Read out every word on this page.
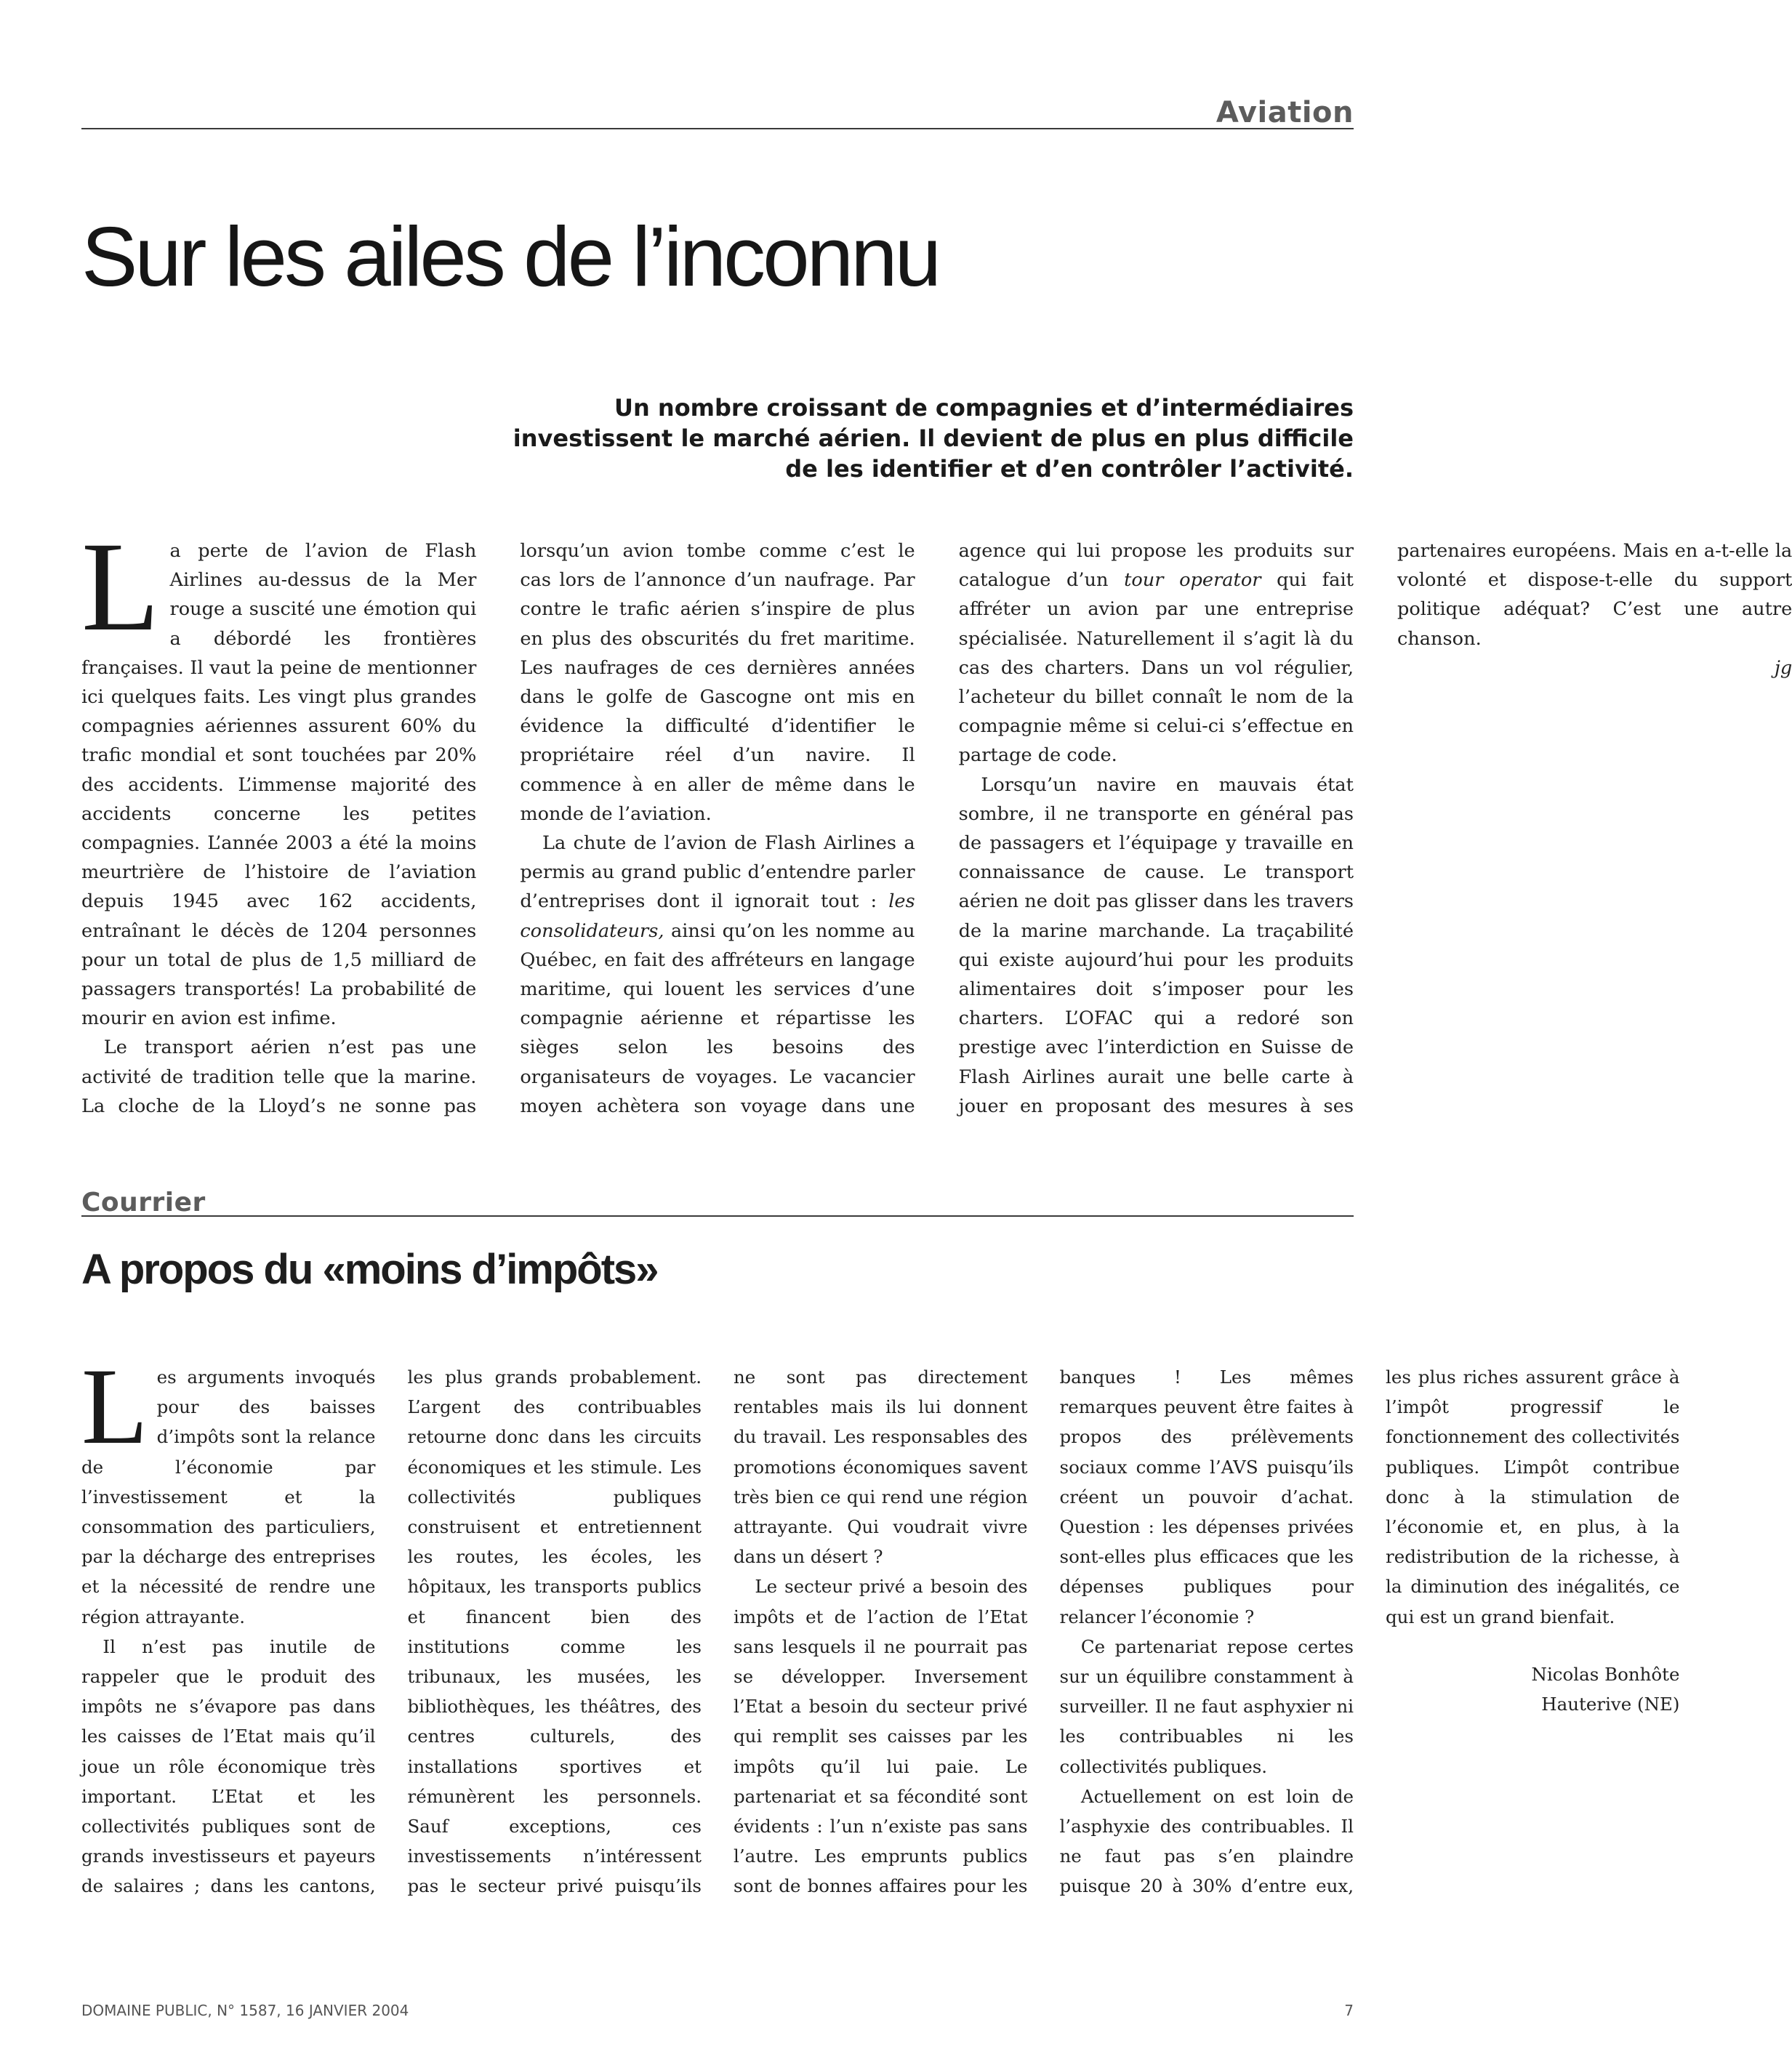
Aviation
Sur les ailes de l’inconnu

Un nombre croissant de compagnies et d’intermédiaires investissent le marché aérien. Il devient de plus en plus difficile de les identifier et d’en contrôler l’activité.

La perte de l’avion de Flash Airlines au-dessus de la Mer rouge a suscité une émotion qui a débordé les frontières françaises. Il vaut la peine de mentionner ici quelques faits. Les vingt plus grandes compagnies aériennes assurent 60% du trafic mondial et sont touchées par 20% des accidents. L’immense majorité des accidents concerne les petites compagnies. L’année 2003 a été la moins meurtrière de l’histoire de l’aviation depuis 1945 avec 162 accidents, entraînant le décès de 1204 personnes pour un total de plus de 1,5 milliard de passagers transportés! La probabilité de mourir en avion est infime.

Le transport aérien n’est pas une activité de tradition telle que la marine. La cloche de la Lloyd’s ne sonne pas lorsqu’un avion tombe comme c’est le cas lors de l’annonce d’un naufrage. Par contre le trafic aérien s’inspire de plus en plus des obscurités du fret maritime. Les naufrages de ces dernières années dans le golfe de Gascogne ont mis en évidence la difficulté d’identifier le propriétaire réel d’un navire. Il commence à en aller de même dans le monde de l’aviation.

La chute de l’avion de Flash Airlines a permis au grand public d’entendre parler d’entreprises dont il ignorait tout : les consolidateurs, ainsi qu’on les nomme au Québec, en fait des affréteurs en langage maritime, qui louent les services d’une compagnie aérienne et répartisse les sièges selon les besoins des organisateurs de voyages. Le vacancier moyen achètera son voyage dans une agence qui lui propose les produits sur catalogue d’un tour operator qui fait affréter un avion par une entreprise spécialisée. Naturellement il s’agit là du cas des charters. Dans un vol régulier, l’acheteur du billet connaît le nom de la compagnie même si celui-ci s’effectue en partage de code.

Lorsqu’un navire en mauvais état sombre, il ne transporte en général pas de passagers et l’équipage y travaille en connaissance de cause. Le transport aérien ne doit pas glisser dans les travers de la marine marchande. La traçabilité qui existe aujourd’hui pour les produits alimentaires doit s’imposer pour les charters. L’OFAC qui a redoré son prestige avec l’interdiction en Suisse de Flash Airlines aurait une belle carte à jouer en proposant des mesures à ses partenaires européens. Mais en a-t-elle la volonté et dispose-t-elle du support politique adéquat? C’est une autre chanson.

jg

Courrier
A propos du «moins d’impôts»

Les arguments invoqués pour des baisses d’impôts sont la relance de l’économie par l’investissement et la consommation des particuliers, par la décharge des entreprises et la nécessité de rendre une région attrayante.

Il n’est pas inutile de rappeler que le produit des impôts ne s’évapore pas dans les caisses de l’Etat mais qu’il joue un rôle économique très important. L’Etat et les collectivités publiques sont de grands investisseurs et payeurs de salaires ; dans les cantons, les plus grands probablement. L’argent des contribuables retourne donc dans les circuits économiques et les stimule. Les collectivités publiques construisent et entretiennent les routes, les écoles, les hôpitaux, les transports publics et financent bien des institutions comme les tribunaux, les musées, les bibliothèques, les théâtres, des centres culturels, des installations sportives et rémunèrent les personnels. Sauf exceptions, ces investissements n’intéressent pas le secteur privé puisqu’ils ne sont pas directement rentables mais ils lui donnent du travail. Les responsables des promotions économiques savent très bien ce qui rend une région attrayante. Qui voudrait vivre dans un désert ?

Le secteur privé a besoin des impôts et de l’action de l’Etat sans lesquels il ne pourrait pas se développer. Inversement l’Etat a besoin du secteur privé qui remplit ses caisses par les impôts qu’il lui paie. Le partenariat et sa fécondité sont évidents : l’un n’existe pas sans l’autre. Les emprunts publics sont de bonnes affaires pour les banques ! Les mêmes remarques peuvent être faites à propos des prélèvements sociaux comme l’AVS puisqu’ils créent un pouvoir d’achat. Question : les dépenses privées sont-elles plus efficaces que les dépenses publiques pour relancer l’économie ?

Ce partenariat repose certes sur un équilibre constamment à surveiller. Il ne faut asphyxier ni les contribuables ni les collectivités publiques.

Actuellement on est loin de l’asphyxie des contribuables. Il ne faut pas s’en plaindre puisque 20 à 30% d’entre eux, les plus riches assurent grâce à l’impôt progressif le fonctionnement des collectivités publiques. L’impôt contribue donc à la stimulation de l’économie et, en plus, à la redistribution de la richesse, à la diminution des inégalités, ce qui est un grand bienfait.

Nicolas Bonhôte

Hauterive (NE)

DOMAINE PUBLIC, N° 1587, 16 JANVIER 2004	7
